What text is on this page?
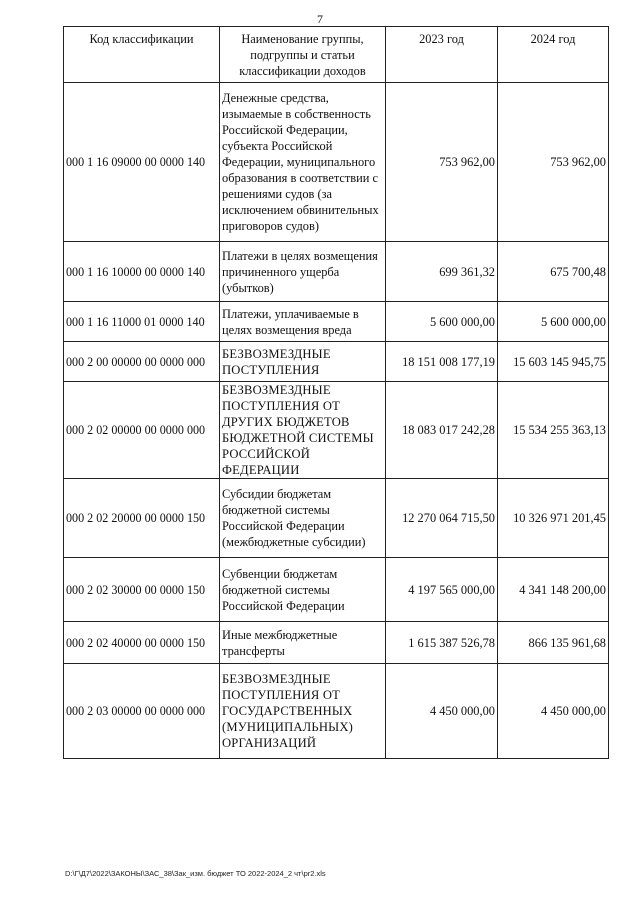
7
Код классификации	Наименование группы, подгруппы и статьи классификации доходов	2023 год	2024 год
000 1 16 09000 00 0000 140	Денежные средства, изымаемые в собственность Российской Федерации, субъекта Российской Федерации, муниципального образования в соответствии с решениями судов (за исключением обвинительных приговоров судов)	753 962,00	753 962,00
000 1 16 10000 00 0000 140	Платежи в целях возмещения причиненного ущерба (убытков)	699 361,32	675 700,48
000 1 16 11000 01 0000 140	Платежи, уплачиваемые в целях возмещения вреда	5 600 000,00	5 600 000,00
000 2 00 00000 00 0000 000	БЕЗВОЗМЕЗДНЫЕ ПОСТУПЛЕНИЯ	18 151 008 177,19	15 603 145 945,75
000 2 02 00000 00 0000 000	БЕЗВОЗМЕЗДНЫЕ ПОСТУПЛЕНИЯ ОТ ДРУГИХ БЮДЖЕТОВ БЮДЖЕТНОЙ СИСТЕМЫ РОССИЙСКОЙ ФЕДЕРАЦИИ	18 083 017 242,28	15 534 255 363,13
000 2 02 20000 00 0000 150	Субсидии бюджетам бюджетной системы Российской Федерации (межбюджетные субсидии)	12 270 064 715,50	10 326 971 201,45
000 2 02 30000 00 0000 150	Субвенции бюджетам бюджетной системы Российской Федерации	4 197 565 000,00	4 341 148 200,00
000 2 02 40000 00 0000 150	Иные межбюджетные трансферты	1 615 387 526,78	866 135 961,68
000 2 03 00000 00 0000 000	БЕЗВОЗМЕЗДНЫЕ ПОСТУПЛЕНИЯ ОТ ГОСУДАРСТВЕННЫХ (МУНИЦИПАЛЬНЫХ) ОРГАНИЗАЦИЙ	4 450 000,00	4 450 000,00
D:\Г\Д7\2022\ЗАКОНЫ\ЗАС_38\Зак_изм. бюджет ТО 2022-2024_2 чт\pr2.xls
